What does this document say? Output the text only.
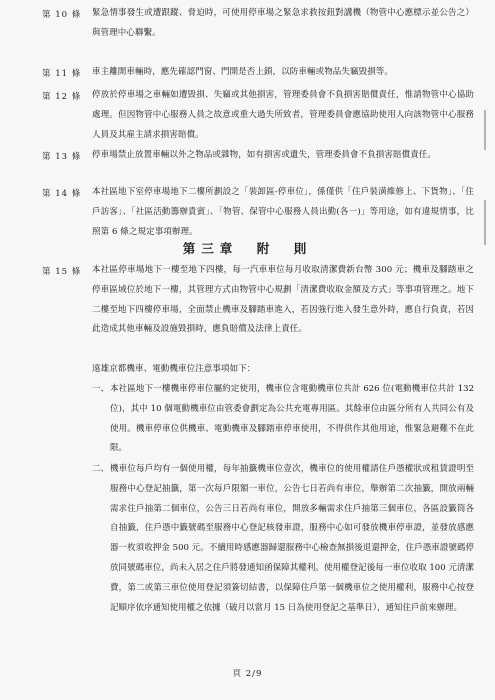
第 10 條	緊急情事發生或遭跟蹤、脅迫時，可使用停車場之緊急求救按鈕對講機（物管中心應標示並公告之）與管理中心聯繫。
第 11 條	車主離開車輛時，應先確認門窗、門開是否上鎖，以防車輛或物品失竊毀損等。
第 12 條	停放於停車場之車輛如遭毀損、失竊或其他損害，管理委員會不負損害賠償責任，惟請物管中心協助處理。但因物管中心服務人員之故意或重大過失所致者，管理委員會應協助使用人向該物管中心服務人員及其雇主請求損害賠償。
第 13 條	停車場禁止放置車輛以外之物品或雜物，如有損害或遺失，管理委員會不負損害賠償責任。
第 14 條	本社區地下室停車場地下二樓所劃設之「裝卸區-停車位」，係僅供「住戶裝潢維修上、下貨物」、「住戶訪客」、「社區活動籌辦貴賓」、「物管、保管中心服務人員出勤(各一)」等用途，如有違規情事，比照第 6 條之規定事項辦理。
第三章　附　則
第 15 條	本社區停車場地下一樓至地下四樓，每一汽車車位每月收取清潔費新台幣 300 元；機車及腳踏車之停車區域位於地下一樓，其管理方式由物管中心規劃「清潔費收取金額及方式」等事項管理之。地下二樓至地下四樓停車場，全面禁止機車及腳踏車進入，若因強行進入發生意外時，應自行負責，若因此造成其他車輛及設施毀損時，應負賠償及法律上責任。
遠雄京都機車、電動機車位注意事項如下：
一、 本社區地下一樓機車停車位屬約定使用，機車位含電動機車位共計 626 位(電動機車位共計 132 位)，其中 10 個電動機車位由管委會劃定為公共充電專用區。其餘車位由區分所有人共同公有及使用。機車停車位供機車、電動機車及腳踏車停車使用，不得供作其他用途，惟緊急避難不在此限。
二、 機車位每戶均有一個使用權，每年抽籤機車位壹次，機車位的使用權請住戶憑權狀或租賃證明至服務中心登記抽籤，第一次每戶限額一車位，公告七日若尚有車位，舉辦第二次抽籤，開放兩輛需求住戶抽第二個車位，公告三日若尚有車位，開放多輛需求住戶抽第三個車位，各區設籤筒各自抽籤，住戶憑中籤號碼至服務中心登記核發車證，服務中心如可發放機車停車證，並發放感應器一枚須收押金 500 元。不續用時感應器歸還服務中心檢查無損後退還押金，住戶憑車證號碼停放同號碼車位，尚未入居之住戶將發通知函保障其權利。使用權登記後每一車位收取 100 元清潔費，第二或第三車位使用登記須簽切結書，以保障住戶第一個機車位之使用權利，服務中心按登記順序依序通知使用權之依據（破月以當月 15 日為使用登記之基準日），通知住戶前來辦理。
頁 2/9
